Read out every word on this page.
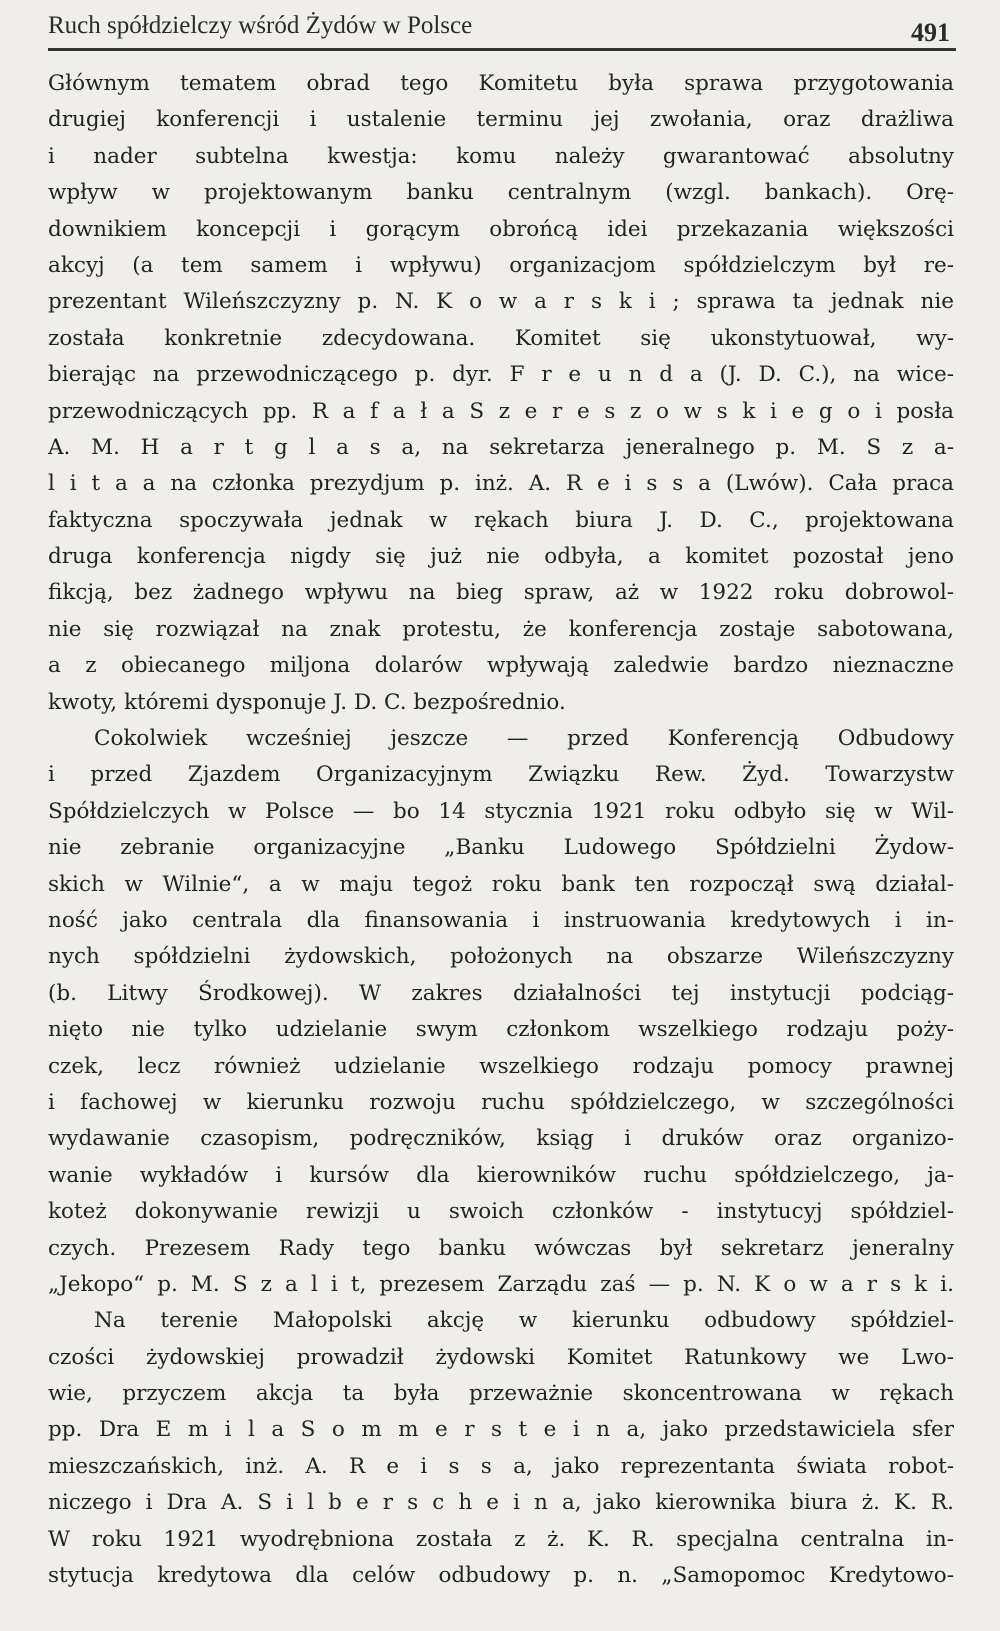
Ruch spółdzielczy wśród Żydów w Polsce	491
Głównym tematem obrad tego Komitetu była sprawa przygotowania
drugiej konferencji i ustalenie terminu jej zwołania, oraz drażliwa
i nader subtelna kwestja: komu należy gwarantować absolutny
wpływ w projektowanym banku centralnym (wzgl. bankach). Orę-
downikiem koncepcji i gorącym obrońcą idei przekazania większości
akcyj (a tem samem i wpływu) organizacjom spółdzielczym był re-
prezentant Wileńszczyzny p. N. K o w a r s k i ; sprawa ta jednak nie
została konkretnie zdecydowana. Komitet się ukonstytuował, wy-
bierając na przewodniczącego p. dyr. F r e u n d a (J. D. C.), na wice-
przewodniczących pp. R a f a ł a S z e r e s z o w s k i e g o i posła
A. M. H a r t g l a s a, na sekretarza jeneralnego p. M. S z a-
l i t a a na członka prezydjum p. inż. A. R e i s s a (Lwów). Cała praca
faktyczna spoczywała jednak w rękach biura J. D. C., projektowana
druga konferencja nigdy się już nie odbyła, a komitet pozostał jeno
fikcją, bez żadnego wpływu na bieg spraw, aż w 1922 roku dobrowol-
nie się rozwiązał na znak protestu, że konferencja zostaje sabotowana,
a z obiecanego miljona dolarów wpływają zaledwie bardzo nieznaczne
kwoty, któremi dysponuje J. D. C. bezpośrednio.
Cokolwiek wcześniej jeszcze — przed Konferencją Odbudowy
i przed Zjazdem Organizacyjnym Związku Rew. Żyd. Towarzystw
Spółdzielczych w Polsce — bo 14 stycznia 1921 roku odbyło się w Wil-
nie zebranie organizacyjne „Banku Ludowego Spółdzielni Żydow-
skich w Wilnie“, a w maju tegoż roku bank ten rozpoczął swą działal-
ność jako centrala dla finansowania i instruowania kredytowych i in-
nych spółdzielni żydowskich, położonych na obszarze Wileńszczyzny
(b. Litwy Środkowej). W zakres działalności tej instytucji podciąg-
nięto nie tylko udzielanie swym członkom wszelkiego rodzaju poży-
czek, lecz również udzielanie wszelkiego rodzaju pomocy prawnej
i fachowej w kierunku rozwoju ruchu spółdzielczego, w szczególności
wydawanie czasopism, podręczników, ksiąg i druków oraz organizo-
wanie wykładów i kursów dla kierowników ruchu spółdzielczego, ja-
koteż dokonywanie rewizji u swoich członków - instytucyj spółdziel-
czych. Prezesem Rady tego banku wówczas był sekretarz jeneralny
„Jekopo“ p. M. S z a l i t, prezesem Zarządu zaś — p. N. K o w a r s k i.
Na terenie Małopolski akcję w kierunku odbudowy spółdziel-
czości żydowskiej prowadził żydowski Komitet Ratunkowy we Lwo-
wie, przyczem akcja ta była przeważnie skoncentrowana w rękach
pp. Dra E m i l a S o m m e r s t e i n a, jako przedstawiciela sfer
mieszczańskich, inż. A. R e i s s a, jako reprezentanta świata robot-
niczego i Dra A. S i l b e r s c h e i n a, jako kierownika biura ż. K. R.
W roku 1921 wyodrębniona została z ż. K. R. specjalna centralna in-
stytucja kredytowa dla celów odbudowy p. n. „Samopomoc Kredytowo-
